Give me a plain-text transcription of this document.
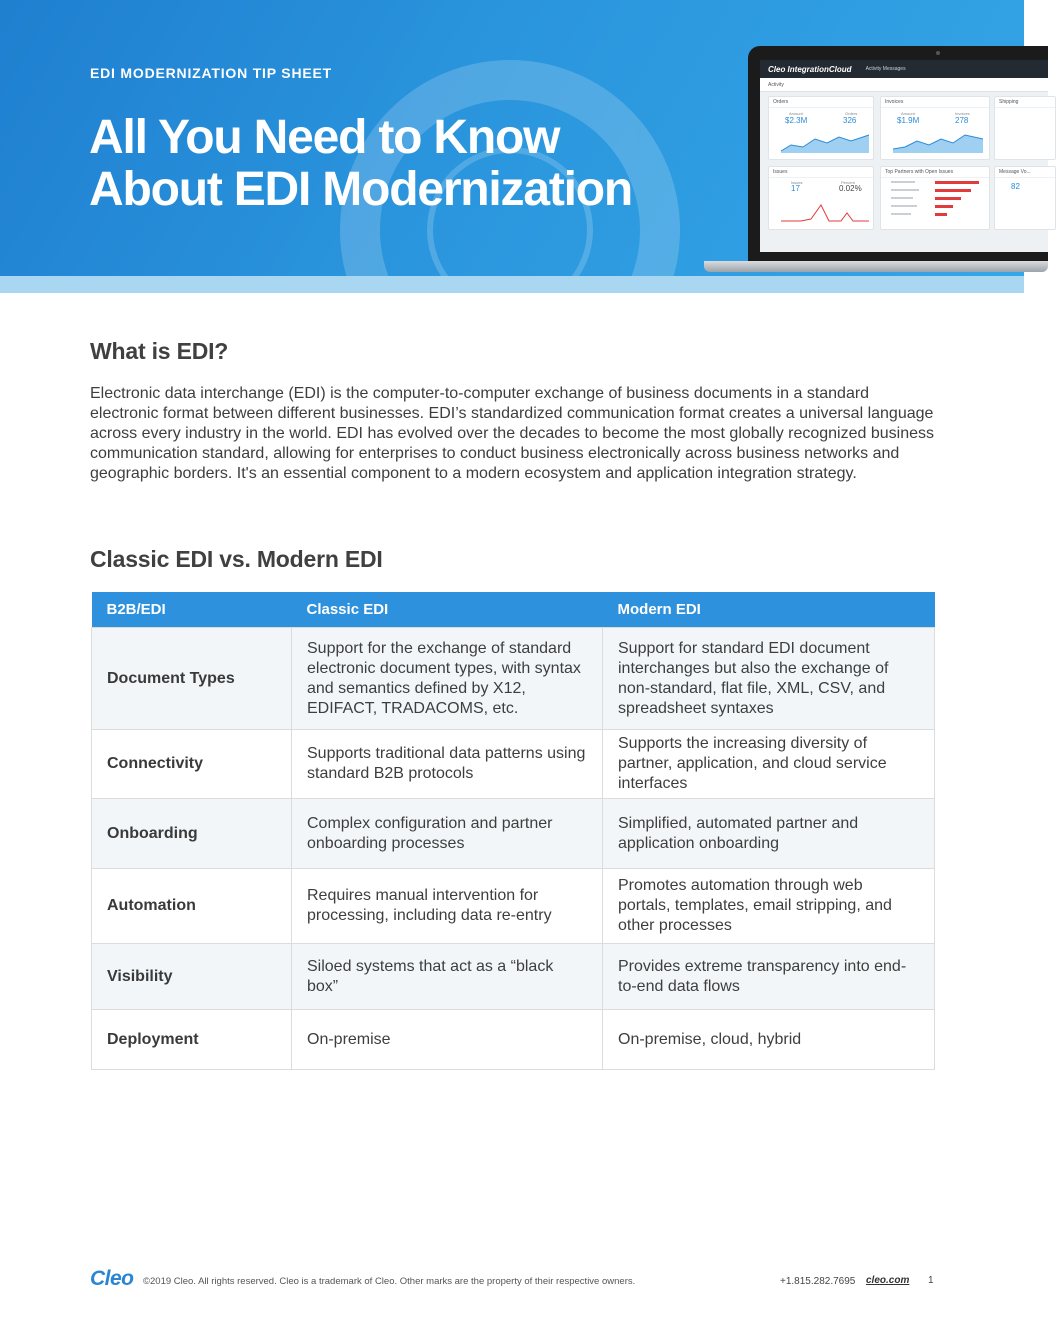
EDI MODERNIZATION TIP SHEET
All You Need to Know
About EDI Modernization
Cleo IntegrationCloud	Activity Messages
Activity
Orders
Amount
$2.3M
Orders
326
Invoices
Amount
$1.9M
Invoices
278
Shipping
Issues
Issues
17
Percent
0.02%
Top Partners with Open Issues	Message Vo...
82
What is EDI?

Electronic data interchange (EDI) is the computer-to-computer exchange of business documents in a standard electronic format between different businesses. EDI’s standardized communication format creates a universal language across every industry in the world. EDI has evolved over the decades to become the most globally recognized business communication standard, allowing for enterprises to conduct business electronically across business networks and geographic borders. It's an essential component to a modern ecosystem and application integration strategy.

Classic EDI vs. Modern EDI
B2B/EDI	Classic EDI	Modern EDI
Document Types	Support for the exchange of standard electronic document types, with syntax and semantics defined by X12, EDIFACT, TRADACOMS, etc.	Support for standard EDI document interchanges but also the exchange of non-standard, flat file, XML, CSV, and spreadsheet syntaxes
Connectivity	Supports traditional data patterns using standard B2B protocols	Supports the increasing diversity of partner, application, and cloud service interfaces
Onboarding	Complex configuration and partner onboarding processes	Simplified, automated partner and application onboarding
Automation	Requires manual intervention for processing, including data re-entry	Promotes automation through web portals, templates, email stripping, and other processes
Visibility	Siloed systems that act as a “black box”	Provides extreme transparency into end-to-end data flows
Deployment	On-premise	On-premise, cloud, hybrid
Cleo ©2019 Cleo. All rights reserved. Cleo is a trademark of Cleo. Other marks are the property of their respective owners.	+1.815.282.7695 cleo.com 1
